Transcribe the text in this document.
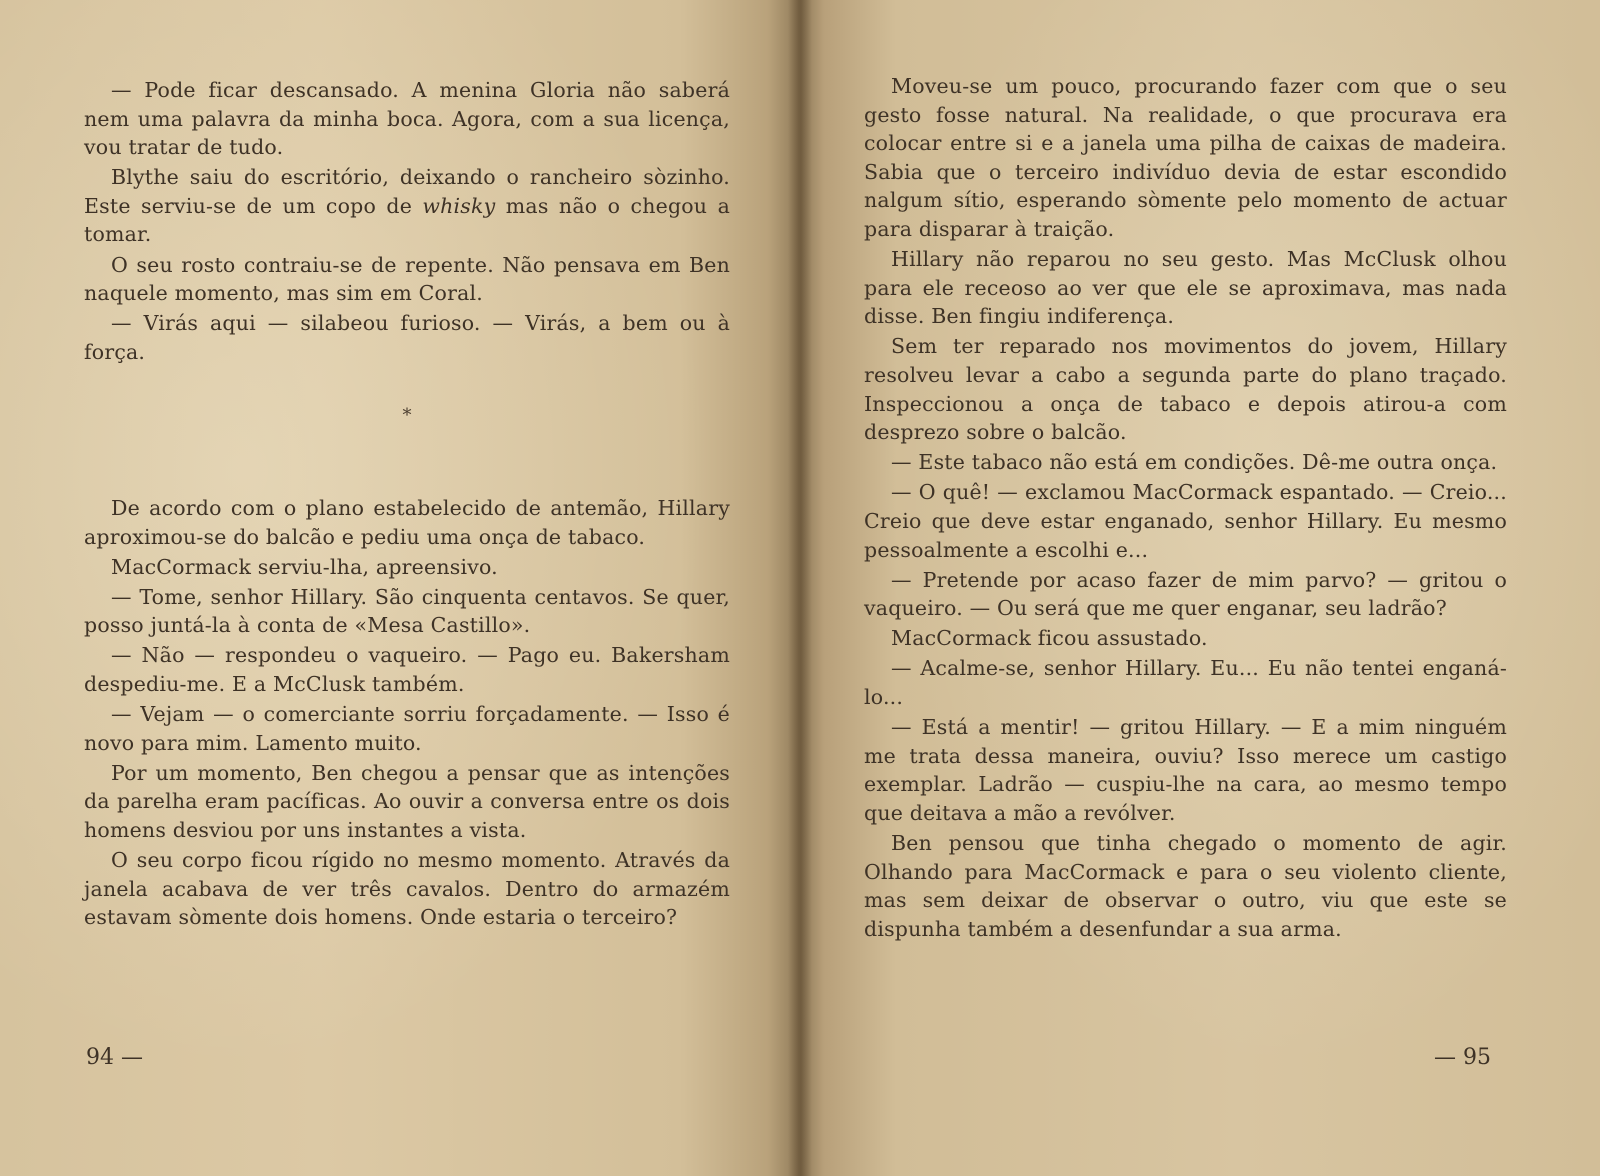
— Pode ficar descansado. A menina Gloria não saberá nem uma palavra da minha boca. Agora, com a sua licença, vou tratar de tudo.

Blythe saiu do escritório, deixando o rancheiro sòzinho. Este serviu-se de um copo de whisky mas não o chegou a tomar.

O seu rosto contraiu-se de repente. Não pensava em Ben naquele momento, mas sim em Coral.

— Virás aqui — silabeou furioso. — Virás, a bem ou à força.

*

De acordo com o plano estabelecido de antemão, Hillary aproximou-se do balcão e pediu uma onça de tabaco.

MacCormack serviu-lha, apreensivo.

— Tome, senhor Hillary. São cinquenta centavos. Se quer, posso juntá-la à conta de «Mesa Castillo».

— Não — respondeu o vaqueiro. — Pago eu. Bakersham despediu-me. E a McClusk também.

— Vejam — o comerciante sorriu forçadamente. — Isso é novo para mim. Lamento muito.

Por um momento, Ben chegou a pensar que as intenções da parelha eram pacíficas. Ao ouvir a conversa entre os dois homens desviou por uns instantes a vista.

O seu corpo ficou rígido no mesmo momento. Através da janela acabava de ver três cavalos. Dentro do armazém estavam sòmente dois homens. Onde estaria o terceiro?

94 —

Moveu-se um pouco, procurando fazer com que o seu gesto fosse natural. Na realidade, o que procurava era colocar entre si e a janela uma pilha de caixas de madeira. Sabia que o terceiro indivíduo devia de estar escondido nalgum sítio, esperando sòmente pelo momento de actuar para disparar à traição.

Hillary não reparou no seu gesto. Mas McClusk olhou para ele receoso ao ver que ele se aproximava, mas nada disse. Ben fingiu indiferença.

Sem ter reparado nos movimentos do jovem, Hillary resolveu levar a cabo a segunda parte do plano traçado. Inspeccionou a onça de tabaco e depois atirou-a com desprezo sobre o balcão.

— Este tabaco não está em condições. Dê-me outra onça.

— O quê! — exclamou MacCormack espantado. — Creio... Creio que deve estar enganado, senhor Hillary. Eu mesmo pessoalmente a escolhi e...

— Pretende por acaso fazer de mim parvo? — gritou o vaqueiro. — Ou será que me quer enganar, seu ladrão?

MacCormack ficou assustado.

— Acalme-se, senhor Hillary. Eu... Eu não tentei enganá-lo...

— Está a mentir! — gritou Hillary. — E a mim ninguém me trata dessa maneira, ouviu? Isso merece um castigo exemplar. Ladrão — cuspiu-lhe na cara, ao mesmo tempo que deitava a mão a revólver.

Ben pensou que tinha chegado o momento de agir. Olhando para MacCormack e para o seu violento cliente, mas sem deixar de observar o outro, viu que este se dispunha também a desenfundar a sua arma.

— 95
